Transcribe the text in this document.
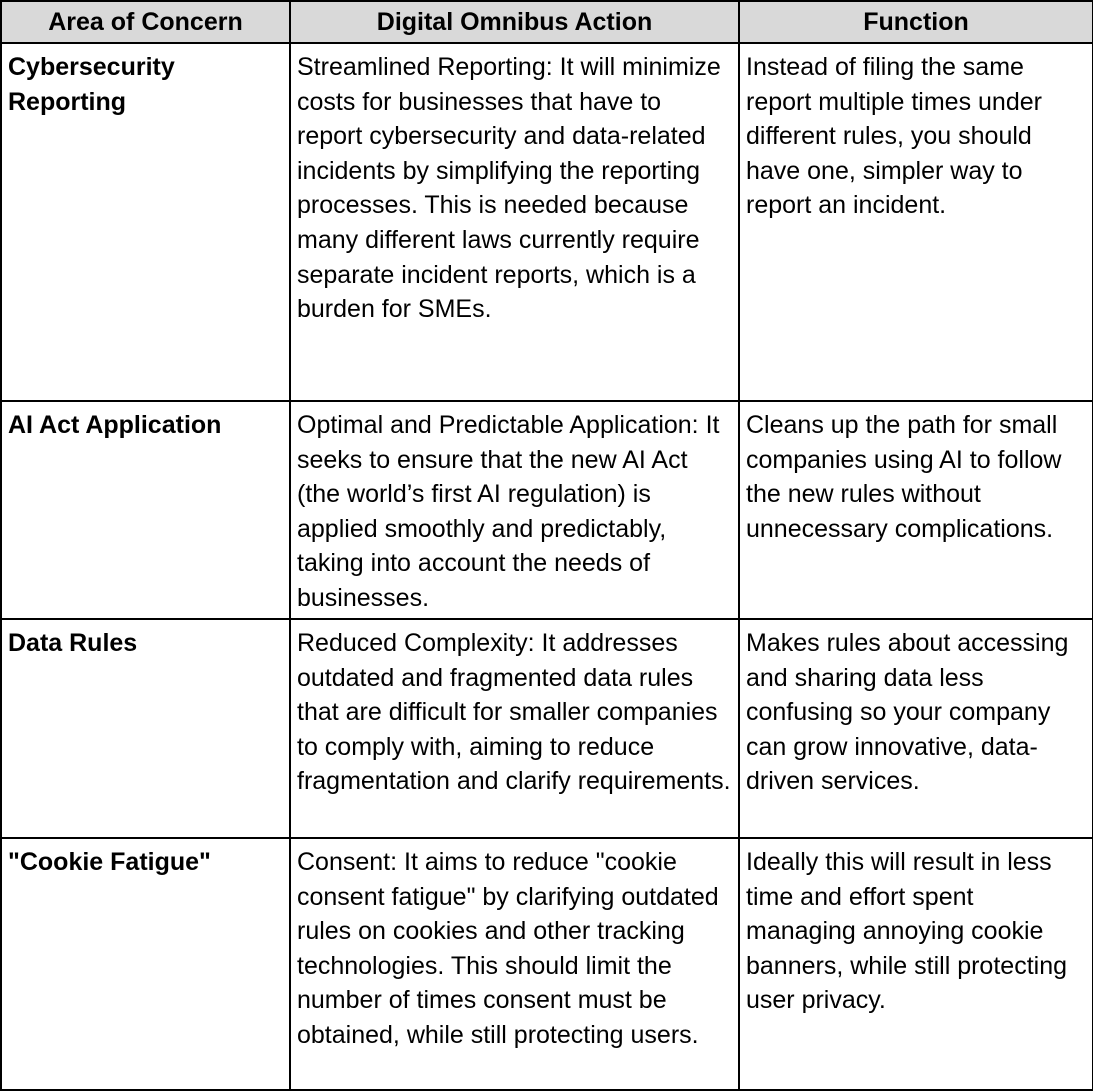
Area of Concern	Digital Omnibus Action	Function
Cybersecurity Reporting	Streamlined Reporting: It will minimize costs for businesses that have to report cybersecurity and data-related incidents by simplifying the reporting processes. This is needed because many different laws currently require separate incident reports, which is a burden for SMEs.	Instead of filing the same report multiple times under different rules, you should have one, simpler way to report an incident.
AI Act Application	Optimal and Predictable Application: It seeks to ensure that the new AI Act (the world’s first AI regulation) is applied smoothly and predictably, taking into account the needs of businesses.	Cleans up the path for small companies using AI to follow the new rules without unnecessary complications.
Data Rules	Reduced Complexity: It addresses outdated and fragmented data rules that are difficult for smaller companies to comply with, aiming to reduce fragmentation and clarify requirements.	Makes rules about accessing and sharing data less confusing so your company can grow innovative, data-driven services.
"Cookie Fatigue"	Consent: It aims to reduce "cookie consent fatigue" by clarifying outdated rules on cookies and other tracking technologies. This should limit the number of times consent must be obtained, while still protecting users.	Ideally this will result in less time and effort spent managing annoying cookie banners, while still protecting user privacy.
